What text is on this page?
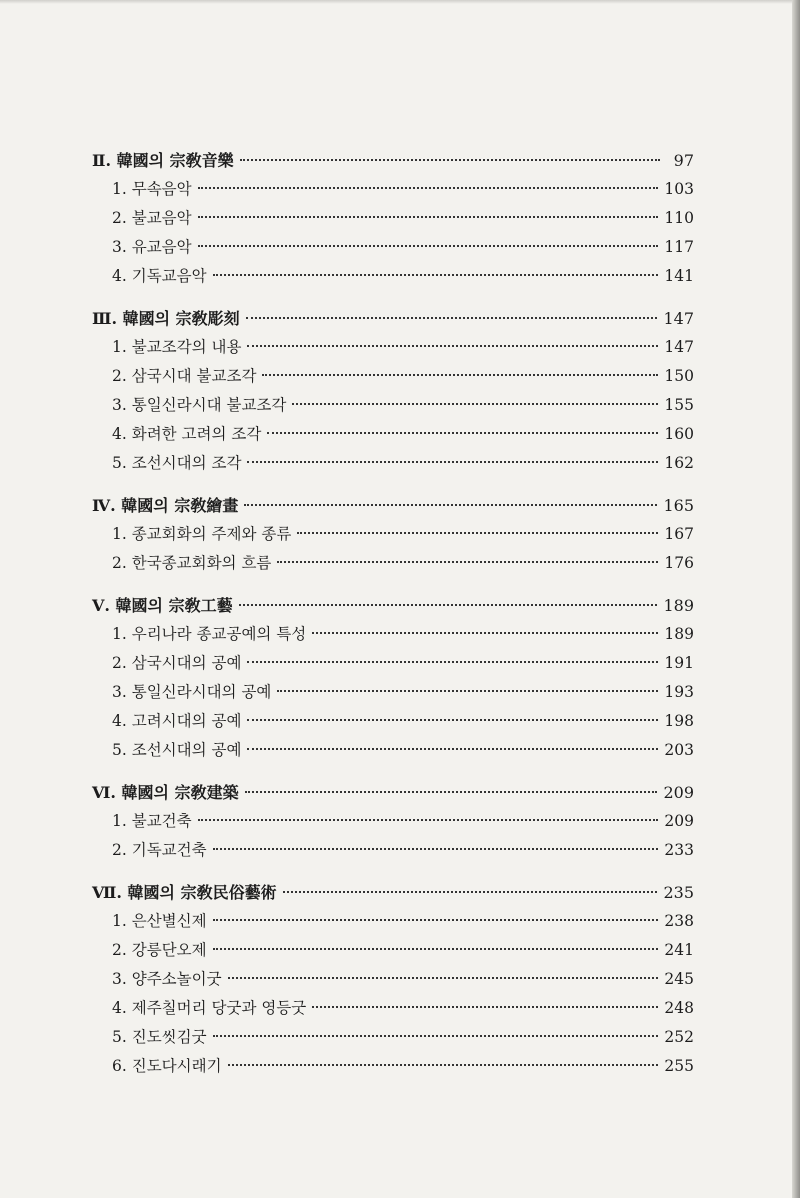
Ⅱ. 韓國의 宗敎音樂	97
1. 무속음악	103
2. 불교음악	110
3. 유교음악	117
4. 기독교음악	141
Ⅲ. 韓國의 宗敎彫刻	147
1. 불교조각의 내용	147
2. 삼국시대 불교조각	150
3. 통일신라시대 불교조각	155
4. 화려한 고려의 조각	160
5. 조선시대의 조각	162
Ⅳ. 韓國의 宗敎繪畫	165
1. 종교회화의 주제와 종류	167
2. 한국종교회화의 흐름	176
Ⅴ. 韓國의 宗敎工藝	189
1. 우리나라 종교공예의 특성	189
2. 삼국시대의 공예	191
3. 통일신라시대의 공예	193
4. 고려시대의 공예	198
5. 조선시대의 공예	203
Ⅵ. 韓國의 宗敎建築	209
1. 불교건축	209
2. 기독교건축	233
Ⅶ. 韓國의 宗敎民俗藝術	235
1. 은산별신제	238
2. 강릉단오제	241
3. 양주소놀이굿	245
4. 제주칠머리 당굿과 영등굿	248
5. 진도씻김굿	252
6. 진도다시래기	255
